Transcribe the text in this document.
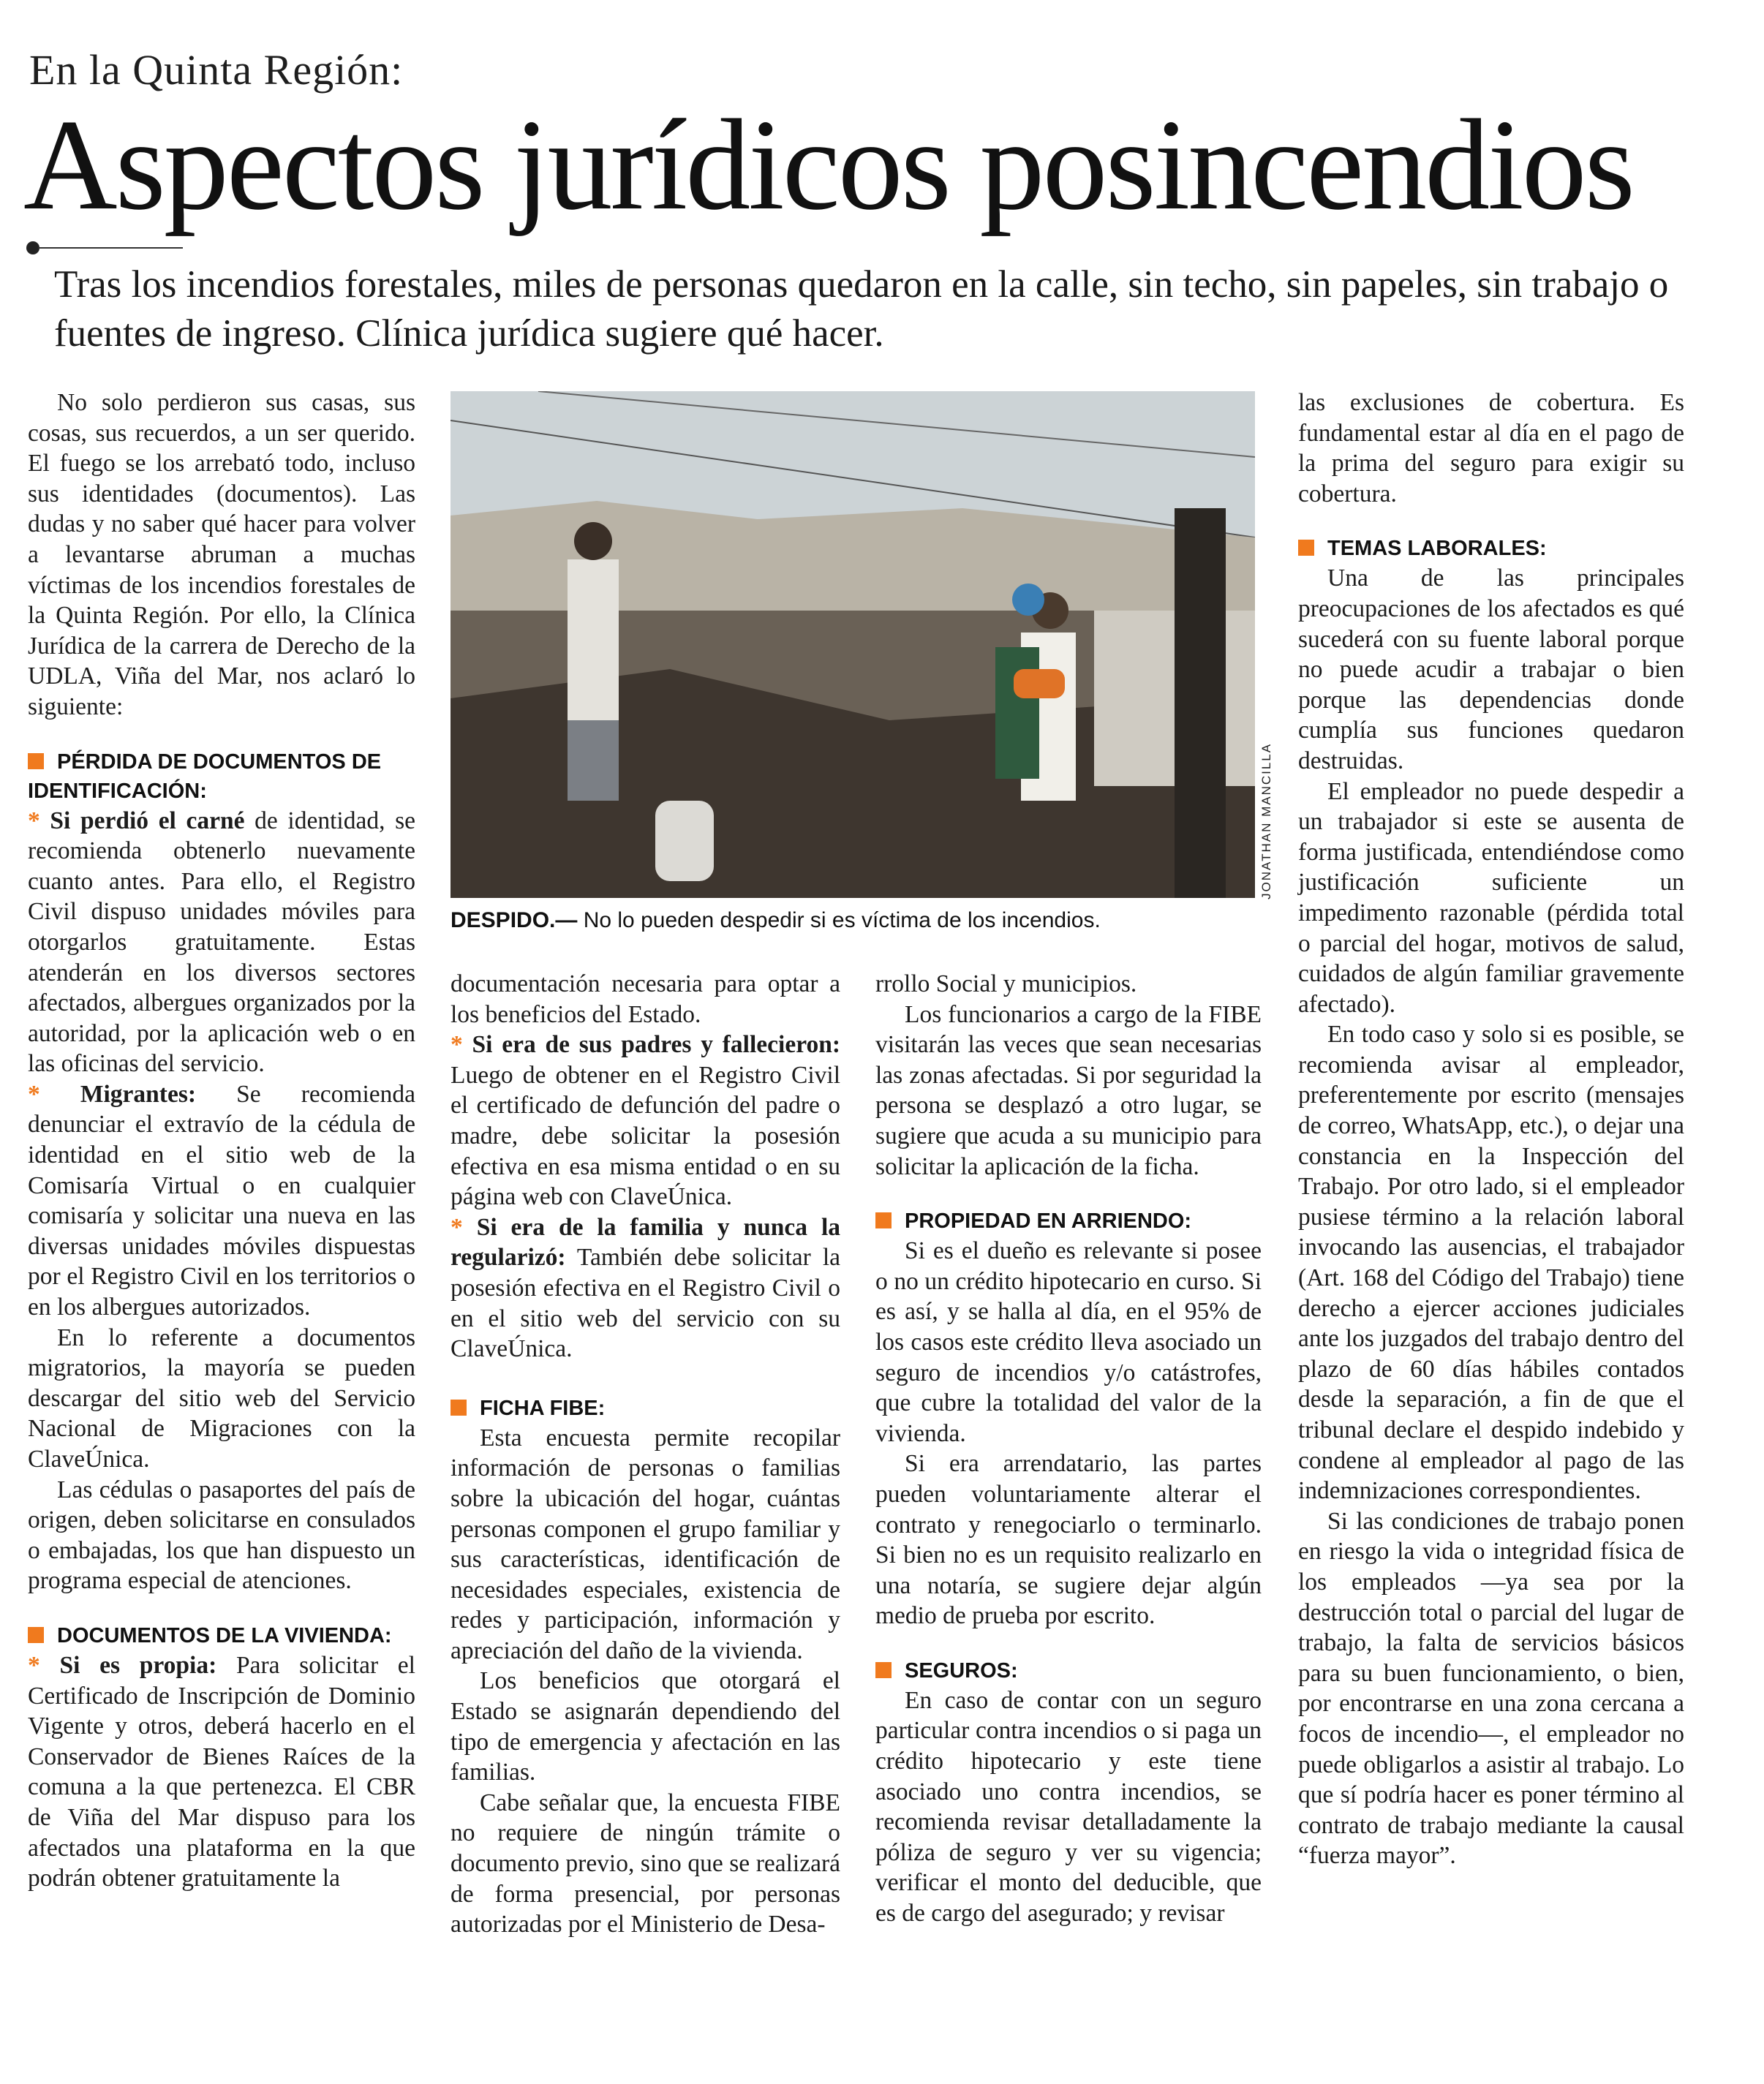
En la Quinta Región:
Aspectos jurídicos posincendios
Tras los incendios forestales, miles de personas quedaron en la calle, sin techo, sin papeles, sin trabajo o fuentes de ingreso. Clínica jurídica sugiere qué hacer.

No solo perdieron sus casas, sus cosas, sus recuerdos, a un ser querido. El fuego se los arrebató todo, incluso sus identidades (documentos). Las dudas y no saber qué hacer para volver a levantarse abruman a muchas víctimas de los incendios forestales de la Quinta Región. Por ello, la Clínica Jurídica de la carrera de Derecho de la UDLA, Viña del Mar, nos aclaró lo siguiente:

PÉRDIDA DE DOCUMENTOS DE IDENTIFICACIÓN:

* Si perdió el carné de identidad, se recomienda obtenerlo nuevamente cuanto antes. Para ello, el Registro Civil dispuso unidades móviles para otorgarlos gratuitamente. Estas atenderán en los diversos sectores afectados, albergues organizados por la autoridad, por la aplicación web o en las oficinas del servicio.

* Migrantes: Se recomienda denunciar el extravío de la cédula de identidad en el sitio web de la Comisaría Virtual o en cualquier comisaría y solicitar una nueva en las diversas unidades móviles dispuestas por el Registro Civil en los territorios o en los albergues autorizados.

En lo referente a documentos migratorios, la mayoría se pueden descargar del sitio web del Servicio Nacional de Migraciones con la ClaveÚnica.

Las cédulas o pasaportes del país de origen, deben solicitarse en consulados o embajadas, los que han dispuesto un programa especial de atenciones.

DOCUMENTOS DE LA VIVIENDA:

* Si es propia: Para solicitar el Certificado de Inscripción de Dominio Vigente y otros, deberá hacerlo en el Conservador de Bienes Raíces de la comuna a la que pertenezca. El CBR de Viña del Mar dispuso para los afectados una plataforma en la que podrán obtener gratuitamente la

JONATHAN MANCILLA
DESPIDO.— No lo pueden despedir si es víctima de los incendios.

documentación necesaria para optar a los beneficios del Estado.

* Si era de sus padres y fallecieron: Luego de obtener en el Registro Civil el certificado de defunción del padre o madre, debe solicitar la posesión efectiva en esa misma entidad o en su página web con ClaveÚnica.

* Si era de la familia y nunca la regularizó: También debe solicitar la posesión efectiva en el Registro Civil o en el sitio web del servicio con su ClaveÚnica.

FICHA FIBE:

Esta encuesta permite recopilar información de personas o familias sobre la ubicación del hogar, cuántas personas componen el grupo familiar y sus características, identificación de necesidades especiales, existencia de redes y participación, información y apreciación del daño de la vivienda.

Los beneficios que otorgará el Estado se asignarán dependiendo del tipo de emergencia y afectación en las familias.

Cabe señalar que, la encuesta FIBE no requiere de ningún trámite o documento previo, sino que se realizará de forma presencial, por personas autorizadas por el Ministerio de Desa-

rrollo Social y municipios.

Los funcionarios a cargo de la FIBE visitarán las veces que sean necesarias las zonas afectadas. Si por seguridad la persona se desplazó a otro lugar, se sugiere que acuda a su municipio para solicitar la aplicación de la ficha.

PROPIEDAD EN ARRIENDO:

Si es el dueño es relevante si posee o no un crédito hipotecario en curso. Si es así, y se halla al día, en el 95% de los casos este crédito lleva asociado un seguro de incendios y/o catástrofes, que cubre la totalidad del valor de la vivienda.

Si era arrendatario, las partes pueden voluntariamente alterar el contrato y renegociarlo o terminarlo. Si bien no es un requisito realizarlo en una notaría, se sugiere dejar algún medio de prueba por escrito.

SEGUROS:

En caso de contar con un seguro particular contra incendios o si paga un crédito hipotecario y este tiene asociado uno contra incendios, se recomienda revisar detalladamente la póliza de seguro y ver su vigencia; verificar el monto del deducible, que es de cargo del asegurado; y revisar

las exclusiones de cobertura. Es fundamental estar al día en el pago de la prima del seguro para exigir su cobertura.

TEMAS LABORALES:

Una de las principales preocupaciones de los afectados es qué sucederá con su fuente laboral porque no puede acudir a trabajar o bien porque las dependencias donde cumplía sus funciones quedaron destruidas.

El empleador no puede despedir a un trabajador si este se ausenta de forma justificada, entendiéndose como justificación suficiente un impedimento razonable (pérdida total o parcial del hogar, motivos de salud, cuidados de algún familiar gravemente afectado).

En todo caso y solo si es posible, se recomienda avisar al empleador, preferentemente por escrito (mensajes de correo, WhatsApp, etc.), o dejar una constancia en la Inspección del Trabajo. Por otro lado, si el empleador pusiese término a la relación laboral invocando las ausencias, el trabajador (Art. 168 del Código del Trabajo) tiene derecho a ejercer acciones judiciales ante los juzgados del trabajo dentro del plazo de 60 días hábiles contados desde la separación, a fin de que el tribunal declare el despido indebido y condene al empleador al pago de las indemnizaciones correspondientes.

Si las condiciones de trabajo ponen en riesgo la vida o integridad física de los empleados —ya sea por la destrucción total o parcial del lugar de trabajo, la falta de servicios básicos para su buen funcionamiento, o bien, por encontrarse en una zona cercana a focos de incendio—, el empleador no puede obligarlos a asistir al trabajo. Lo que sí podría hacer es poner término al contrato de trabajo mediante la causal “fuerza mayor”.
